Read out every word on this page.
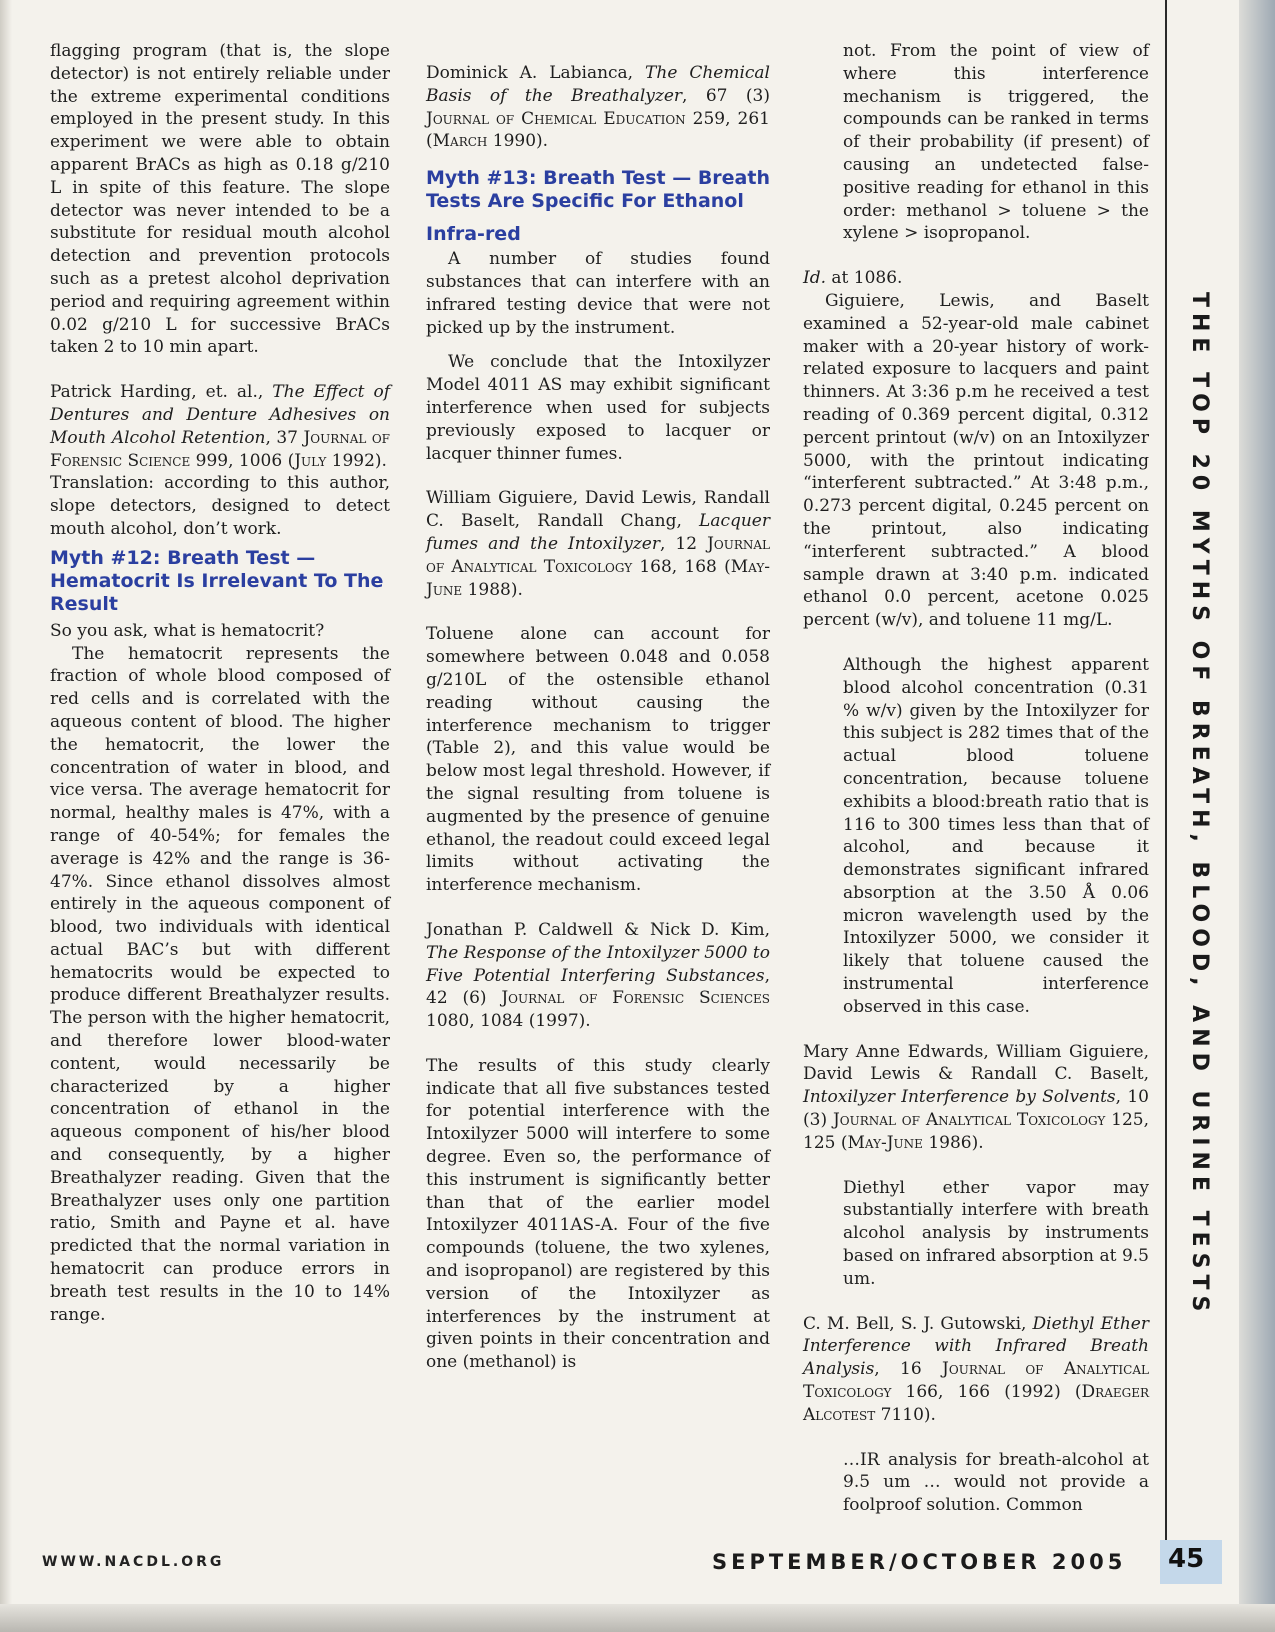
flagging program (that is, the slope detector) is not entirely reliable under the extreme experimental conditions employed in the present study. In this experiment we were able to obtain apparent BrACs as high as 0.18 g/210 L in spite of this feature. The slope detector was never intended to be a substitute for residual mouth alcohol detection and prevention protocols such as a pretest alcohol deprivation period and requiring agreement within 0.02 g/210 L for successive BrACs taken 2 to 10 min apart.

Patrick Harding, et. al., The Effect of Dentures and Denture Adhesives on Mouth Alcohol Retention, 37 Journal of Forensic Science 999, 1006 (July 1992).

Translation: according to this author, slope detectors, designed to detect mouth alcohol, don’t work.

Myth #12: Breath Test — Hematocrit Is Irrelevant To The Result

So you ask, what is hematocrit?

The hematocrit represents the fraction of whole blood composed of red cells and is correlated with the aqueous content of blood. The higher the hematocrit, the lower the concentration of water in blood, and vice versa. The average hematocrit for normal, healthy males is 47%, with a range of 40-54%; for females the average is 42% and the range is 36-47%. Since ethanol dissolves almost entirely in the aqueous component of blood, two individuals with identical actual BAC’s but with different hematocrits would be expected to produce different Breathalyzer results. The person with the higher hematocrit, and therefore lower blood-water content, would necessarily be characterized by a higher concentration of ethanol in the aqueous component of his/her blood and consequently, by a higher Breathalyzer reading. Given that the Breathalyzer uses only one partition ratio, Smith and Payne et al. have predicted that the normal variation in hematocrit can produce errors in breath test results in the 10 to 14% range.

Dominick A. Labianca, The Chemical Basis of the Breathalyzer, 67 (3) Journal of Chemical Education 259, 261 (March 1990).

Myth #13: Breath Test — Breath Tests Are Specific For Ethanol
Infra-red

A number of studies found substances that can interfere with an infrared testing device that were not picked up by the instrument.

We conclude that the Intoxilyzer Model 4011 AS may exhibit significant interference when used for subjects previously exposed to lacquer or lacquer thinner fumes.

William Giguiere, David Lewis, Randall C. Baselt, Randall Chang, Lacquer fumes and the Intoxilyzer, 12 Journal of Analytical Toxicology 168, 168 (May-June 1988).

Toluene alone can account for somewhere between 0.048 and 0.058 g/210L of the ostensible ethanol reading without causing the interference mechanism to trigger (Table 2), and this value would be below most legal threshold. However, if the signal resulting from toluene is augmented by the presence of genuine ethanol, the readout could exceed legal limits without activating the interference mechanism.

Jonathan P. Caldwell & Nick D. Kim, The Response of the Intoxilyzer 5000 to Five Potential Interfering Substances, 42 (6) Journal of Forensic Sciences 1080, 1084 (1997).

The results of this study clearly indicate that all five substances tested for potential interference with the Intoxilyzer 5000 will interfere to some degree. Even so, the performance of this instrument is significantly better than that of the earlier model Intoxilyzer 4011AS-A. Four of the five compounds (toluene, the two xylenes, and isopropanol) are registered by this version of the Intoxilyzer as interferences by the instrument at given points in their concentration and one (methanol) is

not. From the point of view of where this interference mechanism is triggered, the compounds can be ranked in terms of their probability (if present) of causing an undetected false-positive reading for ethanol in this order: methanol > toluene > the xylene > isopropanol.

Id. at 1086.

Giguiere, Lewis, and Baselt examined a 52-year-old male cabinet maker with a 20-year history of work-related exposure to lacquers and paint thinners. At 3:36 p.m he received a test reading of 0.369 percent digital, 0.312 percent printout (w/v) on an Intoxilyzer 5000, with the printout indicating “interferent subtracted.” At 3:48 p.m., 0.273 percent digital, 0.245 percent on the printout, also indicating “interferent subtracted.” A blood sample drawn at 3:40 p.m. indicated ethanol 0.0 percent, acetone 0.025 percent (w/v), and toluene 11 mg/L.

Although the highest apparent blood alcohol concentration (0.31 % w/v) given by the Intoxilyzer for this subject is 282 times that of the actual blood toluene concentration, because toluene exhibits a blood:breath ratio that is 116 to 300 times less than that of alcohol, and because it demonstrates significant infrared absorption at the 3.50 Å 0.06 micron wavelength used by the Intoxilyzer 5000, we consider it likely that toluene caused the instrumental interference observed in this case.

Mary Anne Edwards, William Giguiere, David Lewis & Randall C. Baselt, Intoxilyzer Interference by Solvents, 10 (3) Journal of Analytical Toxicology 125, 125 (May-June 1986).

Diethyl ether vapor may substantially interfere with breath alcohol analysis by instruments based on infrared absorption at 9.5 um.

C. M. Bell, S. J. Gutowski, Diethyl Ether Interference with Infrared Breath Analysis, 16 Journal of Analytical Toxicology 166, 166 (1992) (Draeger Alcotest 7110).

…IR analysis for breath-alcohol at 9.5 um … would not provide a foolproof solution. Common

THE TOP 20 MYTHS OF BREATH, BLOOD, AND URINE TESTS
WWW.NACDL.ORG	SEPTEMBER/OCTOBER 2005 45
